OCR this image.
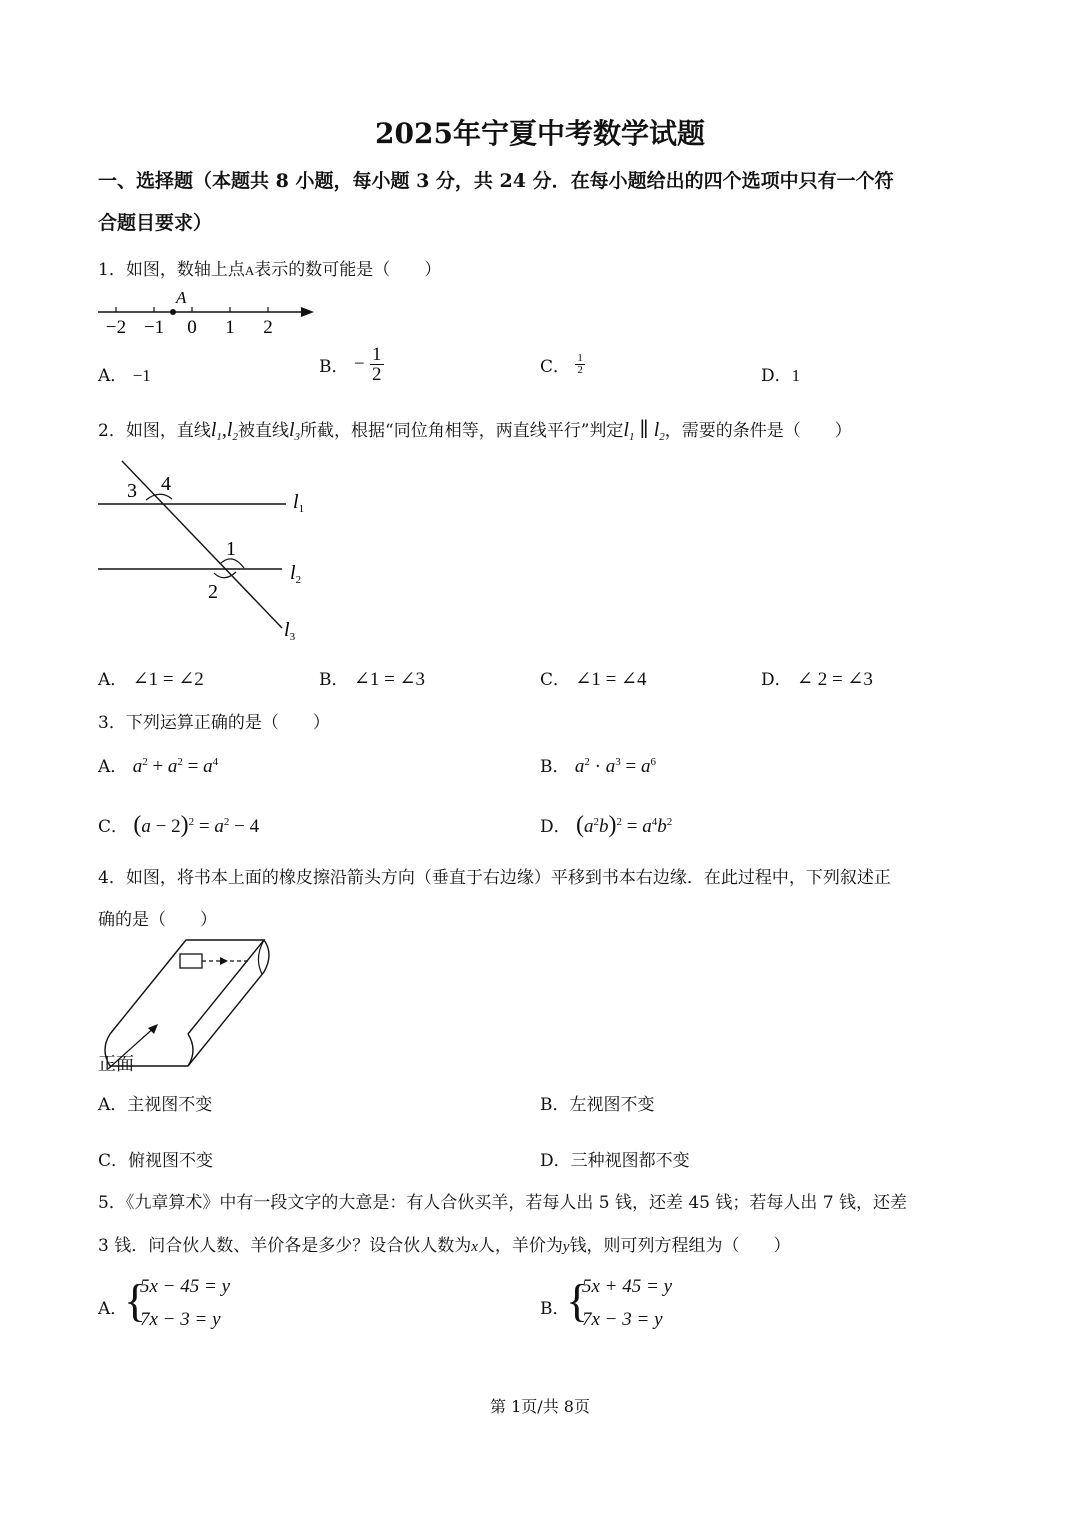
2025年宁夏中考数学试题
一、选择题（本题共 8 小题，每小题 3 分，共 24 分．在每小题给出的四个选项中只有一个符
合题目要求）
1．如图，数轴上点A表示的数可能是（　　）
A
−2 −1 0 1 2
A． −1	B． − $\frac{1}{2}$	C． $\frac{1}{2}$	D．1
2．如图，直线$l_1,l_2$被直线$l_3$所截，根据“同位角相等，两直线平行”判定$l_1$ ∥ $l_2$，需要的条件是（　　）
3 4
1
2
$l_1$
$l_2$
$l_3$
A． ∠1 = ∠2	B． ∠1 = ∠3	C． ∠1 = ∠4	D． ∠ 2 = ∠3
3．下列运算正确的是（　　）
A． $a^2 + a^2 = a^4$	B． $a^2 \cdot a^3 = a^6$
C． $(a - 2)^2 = a^2 - 4$	D． $(a^2b)^2 = a^4b^2$
4．如图，将书本上面的橡皮擦沿箭头方向（垂直于右边缘）平移到书本右边缘．在此过程中，下列叙述正
确的是（　　）
正面
A．主视图不变	B．左视图不变
C．俯视图不变	D．三种视图都不变
5．《九章算术》中有一段文字的大意是：有人合伙买羊，若每人出 5 钱，还差 45 钱；若每人出 7 钱，还差
3 钱．问合伙人数、羊价各是多少？设合伙人数为x人，羊价为y钱，则可列方程组为（　　）
A．
{
5x − 45 = y
7x − 3 = y	B．
{
5x + 45 = y
7x − 3 = y
第 1页/共 8页
